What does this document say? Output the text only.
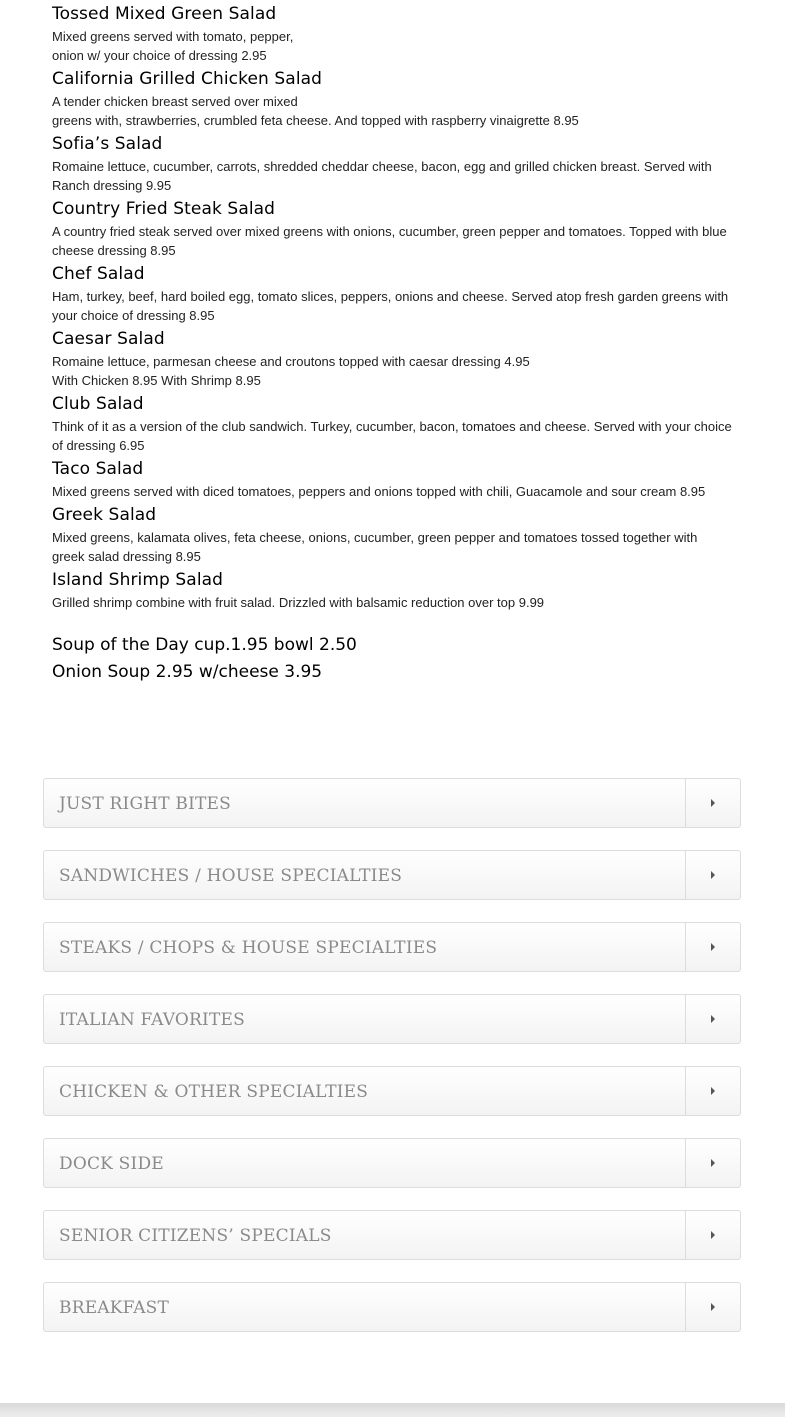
Tossed Mixed Green Salad
Mixed greens served with tomato, pepper,
onion w/ your choice of dressing 2.95
California Grilled Chicken Salad
A tender chicken breast served over mixed
greens with, strawberries, crumbled feta cheese. And topped with raspberry vinaigrette 8.95
Sofia’s Salad
Romaine lettuce, cucumber, carrots, shredded cheddar cheese, bacon, egg and grilled chicken breast. Served with
Ranch dressing 9.95
Country Fried Steak Salad
A country fried steak served over mixed greens with onions, cucumber, green pepper and tomatoes. Topped with blue
cheese dressing 8.95
Chef Salad
Ham, turkey, beef, hard boiled egg, tomato slices, peppers, onions and cheese. Served atop fresh garden greens with
your choice of dressing 8.95
Caesar Salad
Romaine lettuce, parmesan cheese and croutons topped with caesar dressing 4.95
With Chicken 8.95 With Shrimp 8.95
Club Salad
Think of it as a version of the club sandwich. Turkey, cucumber, bacon, tomatoes and cheese. Served with your choice
of dressing 6.95
Taco Salad
Mixed greens served with diced tomatoes, peppers and onions topped with chili, Guacamole and sour cream 8.95
Greek Salad
Mixed greens, kalamata olives, feta cheese, onions, cucumber, green pepper and tomatoes tossed together with
greek salad dressing 8.95
Island Shrimp Salad
Grilled shrimp combine with fruit salad. Drizzled with balsamic reduction over top 9.99
Soup of the Day cup.1.95 bowl 2.50
Onion Soup 2.95 w/cheese 3.95
JUST RIGHT BITES
SANDWICHES / HOUSE SPECIALTIES
STEAKS / CHOPS & HOUSE SPECIALTIES
ITALIAN FAVORITES
CHICKEN & OTHER SPECIALTIES
DOCK SIDE
SENIOR CITIZENS’ SPECIALS
BREAKFAST
